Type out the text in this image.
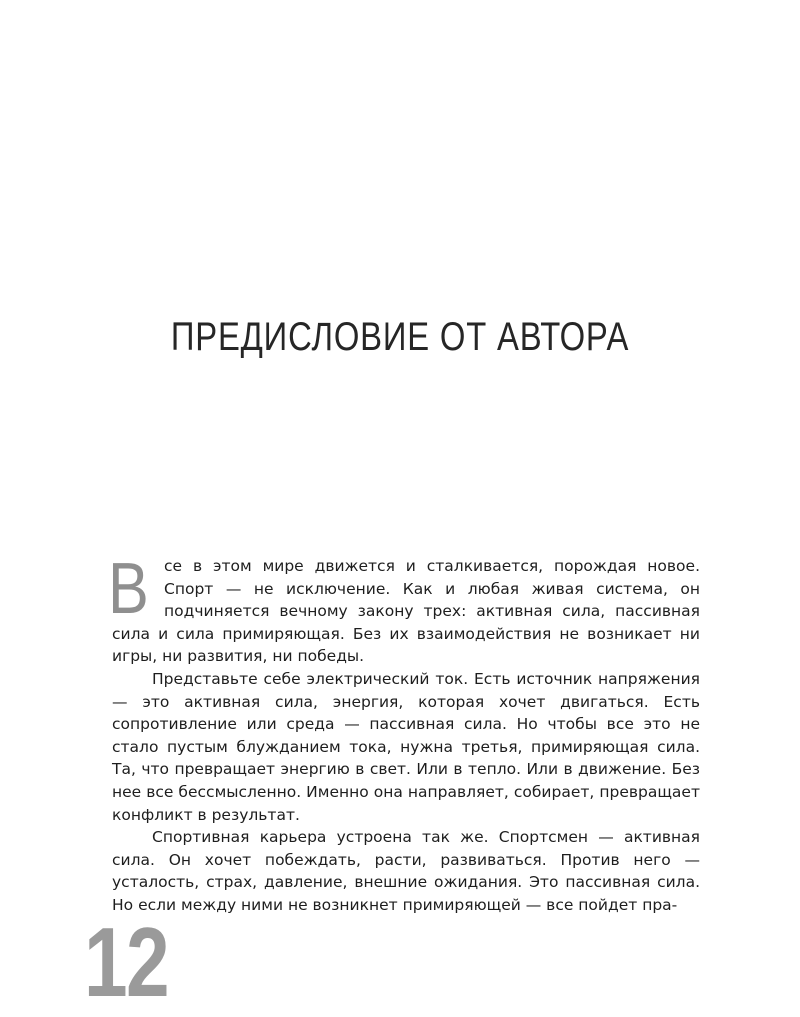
ПРЕДИСЛОВИЕ ОТ АВТОРА

Все в этом мире движется и сталкивается, порождая новое. Спорт — не исключение. Как и любая живая система, он подчиняется вечному закону трех: активная сила, пассивная сила и сила примиряющая. Без их взаимодействия не возникает ни игры, ни развития, ни победы.

Представьте себе электрический ток. Есть источник напряжения — это активная сила, энергия, которая хочет двигаться. Есть сопротивление или среда — пассивная сила. Но чтобы все это не стало пустым блужданием тока, нужна третья, примиряющая сила. Та, что превращает энергию в свет. Или в тепло. Или в движение. Без нее все бессмысленно. Именно она направляет, собирает, превращает конфликт в результат.

Спортивная карьера устроена так же. Спортсмен — активная сила. Он хочет побеждать, расти, развиваться. Против него — усталость, страх, давление, внешние ожидания. Это пассивная сила. Но если между ними не возникнет примиряющей — все пойдет пра-

12
